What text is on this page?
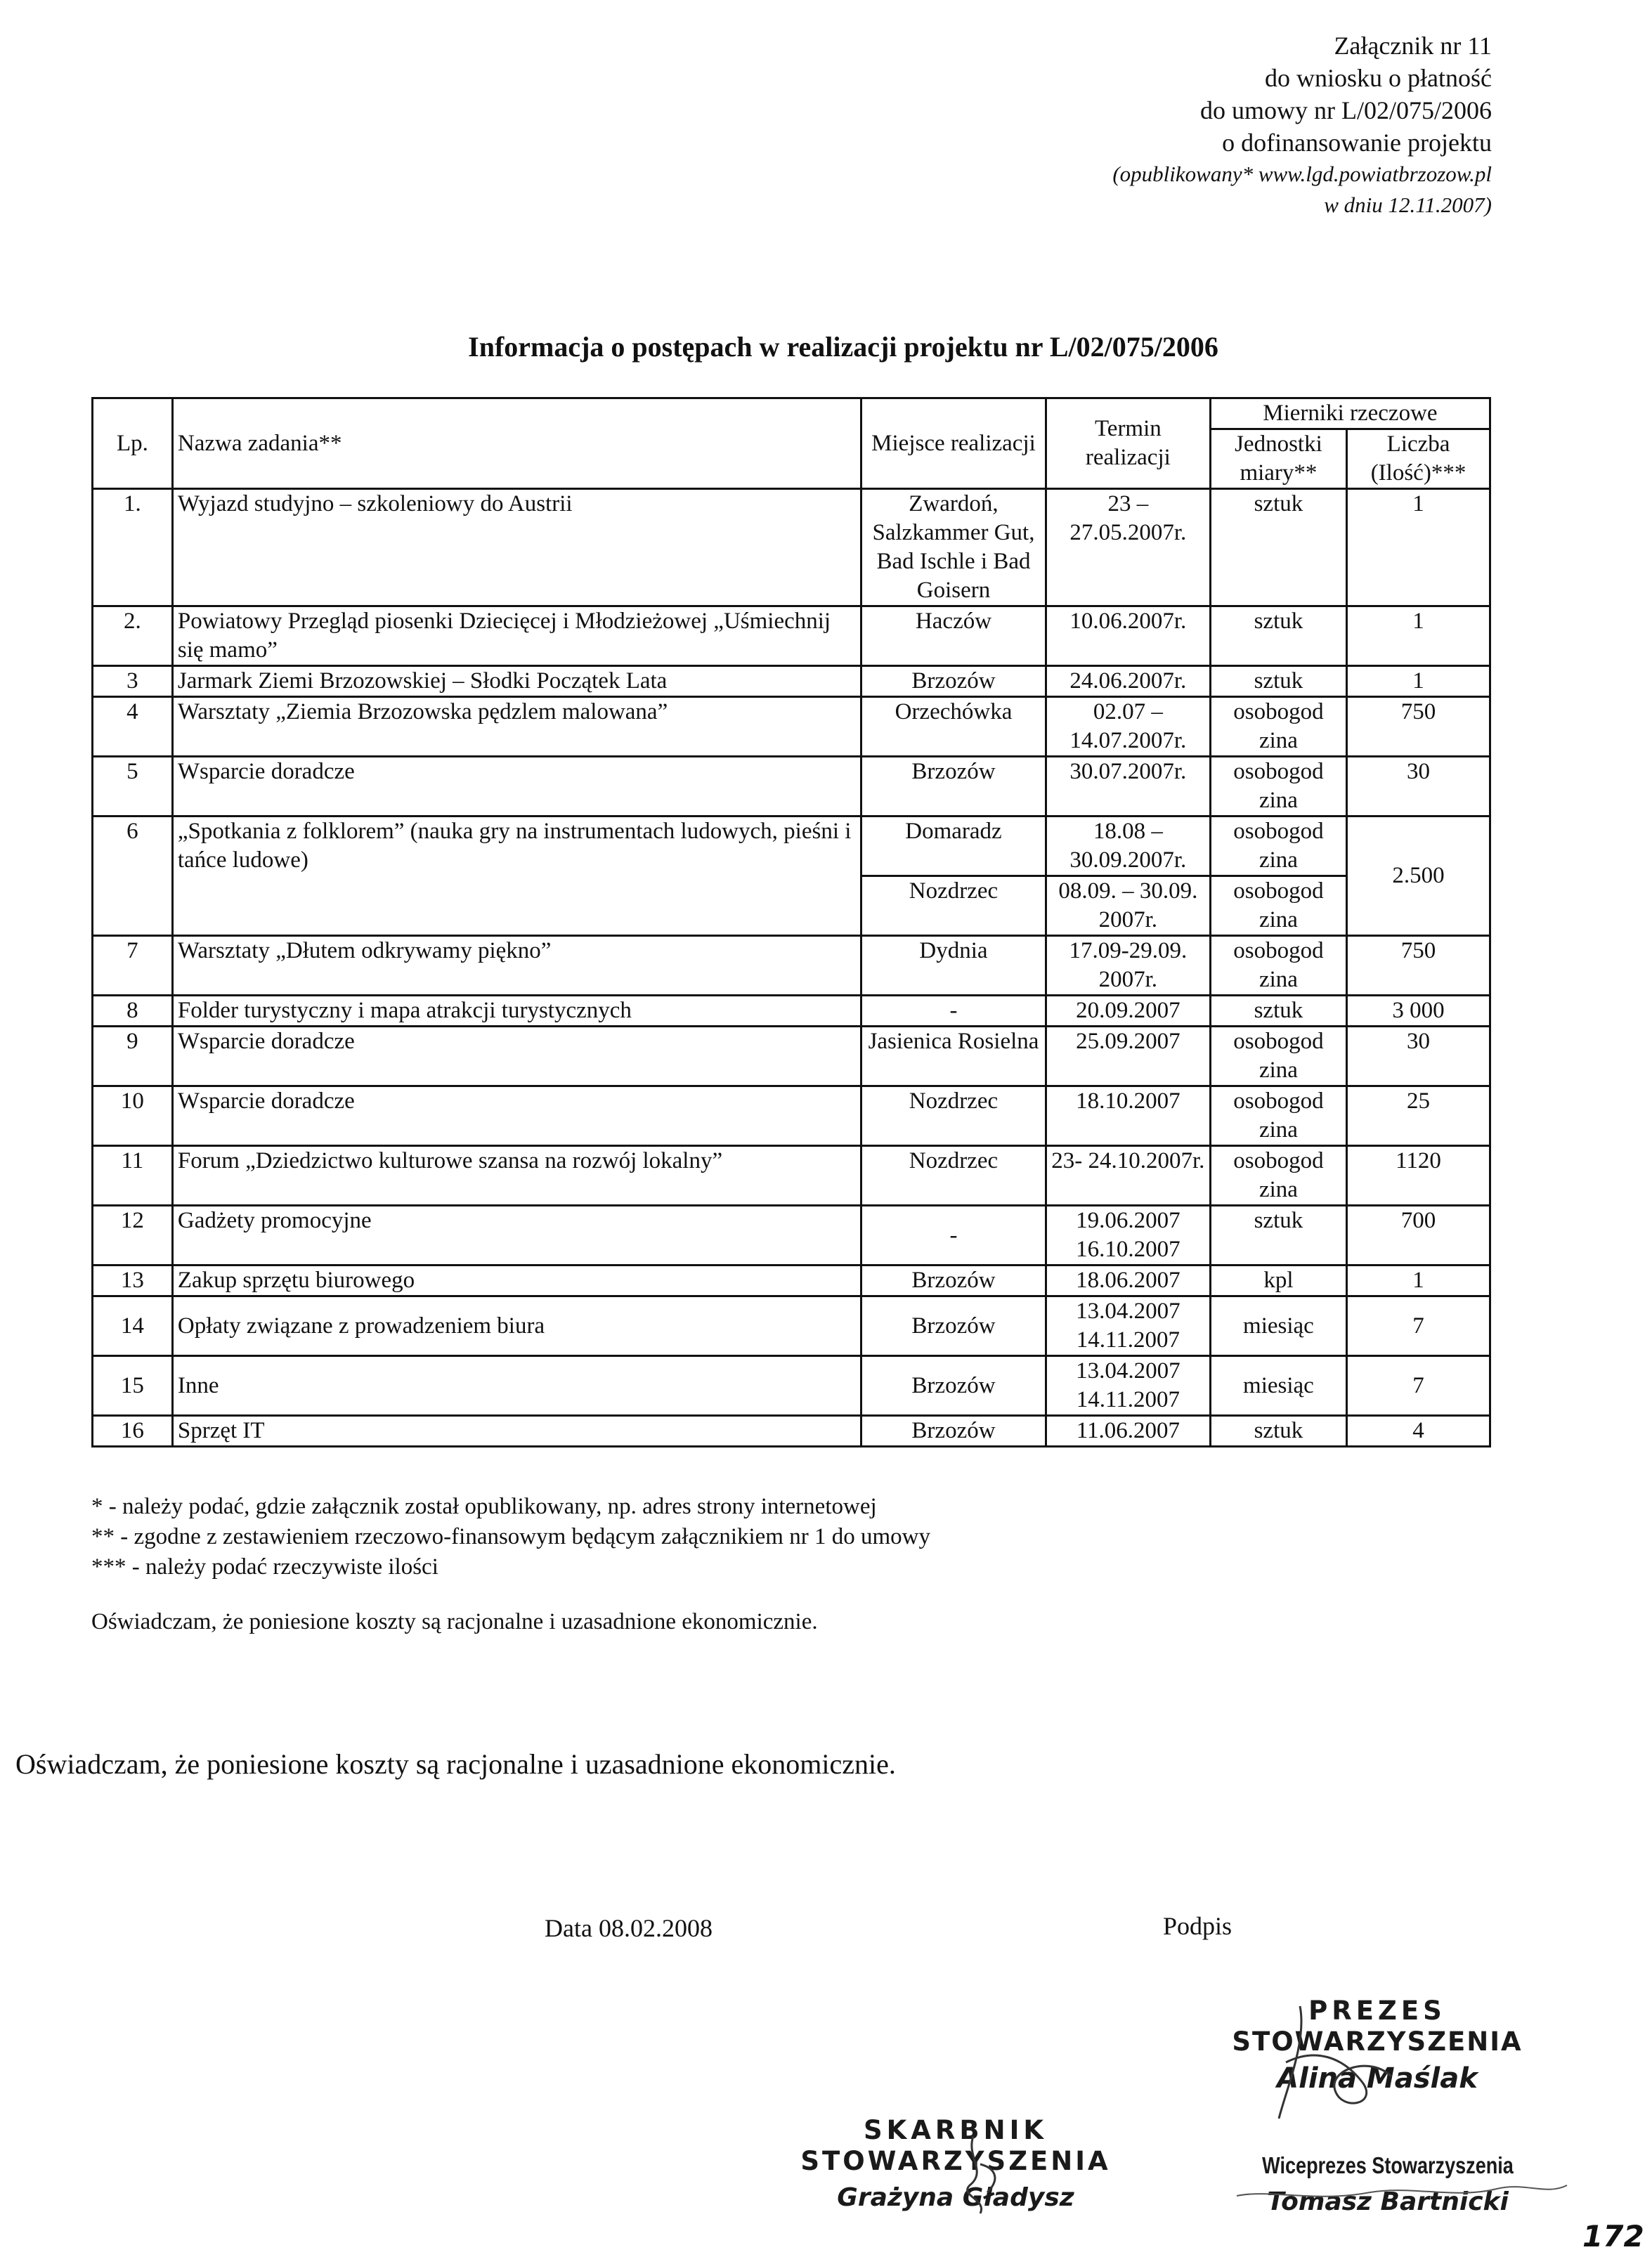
Załącznik nr 11
do wniosku o płatność
do umowy nr L/02/075/2006
o dofinansowanie projektu
(opublikowany* www.lgd.powiatbrzozow.pl
w dniu 12.11.2007)
Informacja o postępach w realizacji projektu nr L/02/075/2006
Lp.	Nazwa zadania**	Miejsce realizacji	Termin realizacji	Mierniki rzeczowe	
				Jednostki miary**	Liczba (Ilość)***
1.	Wyjazd studyjno – szkoleniowy do Austrii	Zwardoń, Salzkammer Gut, Bad Ischle i Bad Goisern	23 – 27.05.2007r.	sztuk	1
2.	Powiatowy Przegląd piosenki Dziecięcej i Młodzieżowej „Uśmiechnij się mamo”	Haczów	10.06.2007r.	sztuk	1
3	Jarmark Ziemi Brzozowskiej – Słodki Początek Lata	Brzozów	24.06.2007r.	sztuk	1
4	Warsztaty „Ziemia Brzozowska pędzlem malowana”	Orzechówka	02.07 – 14.07.2007r.	osobogod zina	750
5	Wsparcie doradcze	Brzozów	30.07.2007r.	osobogod zina	30
6	„Spotkania z folklorem” (nauka gry na instrumentach ludowych, pieśni i tańce ludowe)	Domaradz	18.08 – 30.09.2007r.	osobogod zina	2.500
		Nozdrzec	08.09. – 30.09. 2007r.	osobogod zina	
7	Warsztaty „Dłutem odkrywamy piękno”	Dydnia	17.09-29.09. 2007r.	osobogod zina	750
8	Folder turystyczny i mapa atrakcji turystycznych	-	20.09.2007	sztuk	3 000
9	Wsparcie doradcze	Jasienica Rosielna	25.09.2007	osobogod zina	30
10	Wsparcie doradcze	Nozdrzec	18.10.2007	osobogod zina	25
11	Forum „Dziedzictwo kulturowe szansa na rozwój lokalny”	Nozdrzec	23- 24.10.2007r.	osobogod zina	1120
12	Gadżety promocyjne	-	19.06.2007 16.10.2007	sztuk	700
13	Zakup sprzętu biurowego	Brzozów	18.06.2007	kpl	1
14	Opłaty związane z prowadzeniem biura	Brzozów	13.04.2007 14.11.2007	miesiąc	7
15	Inne	Brzozów	13.04.2007 14.11.2007	miesiąc	7
16	Sprzęt IT	Brzozów	11.06.2007	sztuk	4
* - należy podać, gdzie załącznik został opublikowany, np. adres strony internetowej
** - zgodne z zestawieniem rzeczowo-finansowym będącym załącznikiem nr 1 do umowy
*** - należy podać rzeczywiste ilości
Oświadczam, że poniesione koszty są racjonalne i uzasadnione ekonomicznie.
Oświadczam, że poniesione koszty są racjonalne i uzasadnione ekonomicznie.
Data 08.02.2008	Podpis
PREZES
STOWARZYSZENIA
Alina Maślak
SKARBNIK
STOWARZYSZENIA
Grażyna Gładysz
Wiceprezes Stowarzyszenia
Tomasz Bartnicki
172
